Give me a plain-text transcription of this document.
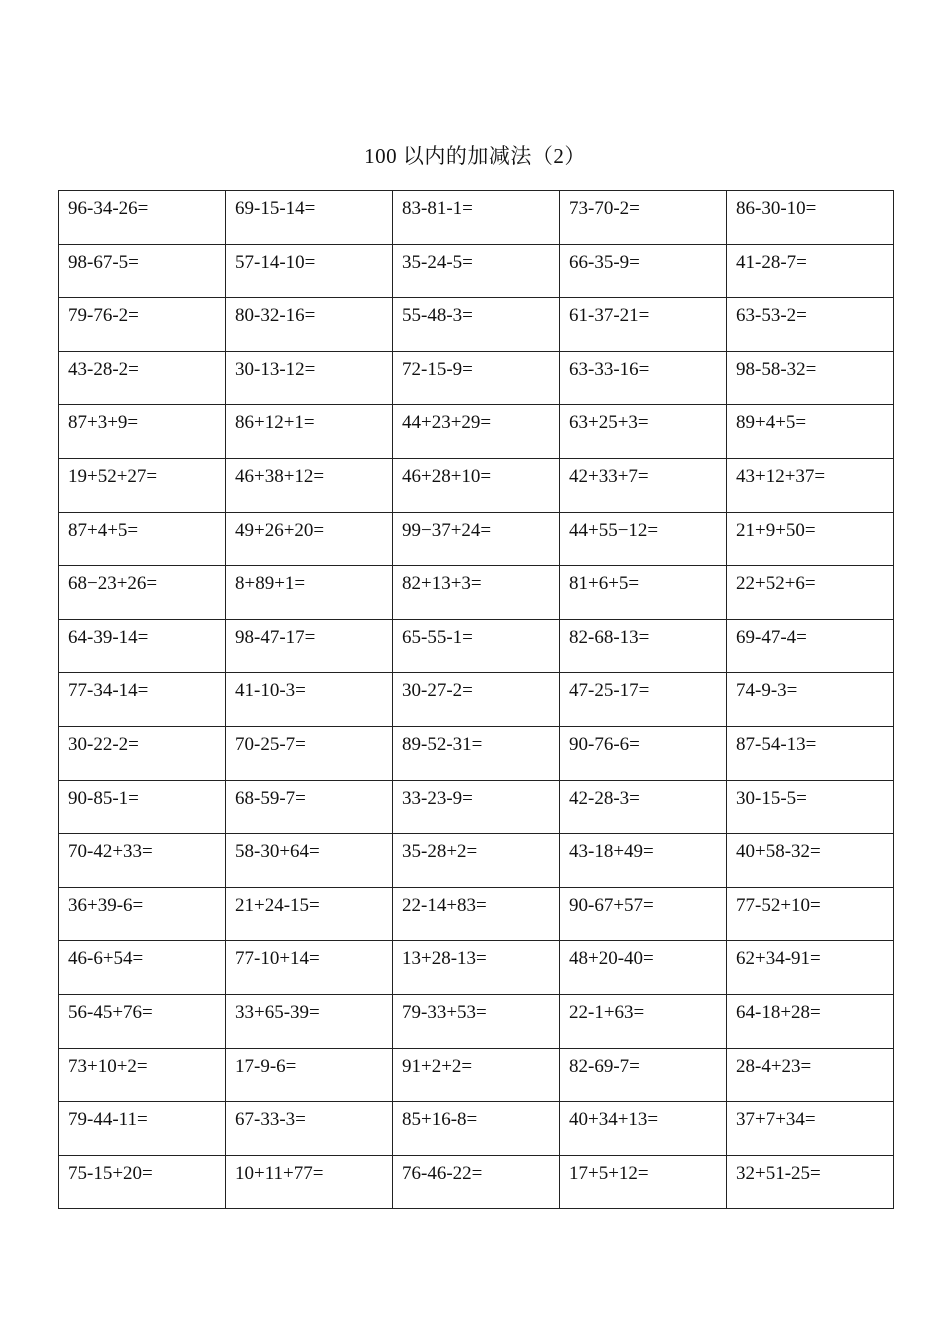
100 以内的加减法（2）
96-34-26=	69-15-14=	83-81-1=	73-70-2=	86-30-10=

98-67-5=	57-14-10=	35-24-5=	66-35-9=	41-28-7=

79-76-2=	80-32-16=	55-48-3=	61-37-21=	63-53-2=

43-28-2=	30-13-12=	72-15-9=	63-33-16=	98-58-32=

87+3+9=	86+12+1=	44+23+29=	63+25+3=	89+4+5=

19+52+27=	46+38+12=	46+28+10=	42+33+7=	43+12+37=

87+4+5=	49+26+20=	99−37+24=	44+55−12=	21+9+50=

68−23+26=	8+89+1=	82+13+3=	81+6+5=	22+52+6=

64-39-14=	98-47-17=	65-55-1=	82-68-13=	69-47-4=

77-34-14=	41-10-3=	30-27-2=	47-25-17=	74-9-3=

30-22-2=	70-25-7=	89-52-31=	90-76-6=	87-54-13=

90-85-1=	68-59-7=	33-23-9=	42-28-3=	30-15-5=

70-42+33=	58-30+64=	35-28+2=	43-18+49=	40+58-32=

36+39-6=	21+24-15=	22-14+83=	90-67+57=	77-52+10=

46-6+54=	77-10+14=	13+28-13=	48+20-40=	62+34-91=

56-45+76=	33+65-39=	79-33+53=	22-1+63=	64-18+28=

73+10+2=	17-9-6=	91+2+2=	82-69-7=	28-4+23=

79-44-11=	67-33-3=	85+16-8=	40+34+13=	37+7+34=

75-15+20=	10+11+77=	76-46-22=	17+5+12=	32+51-25=
